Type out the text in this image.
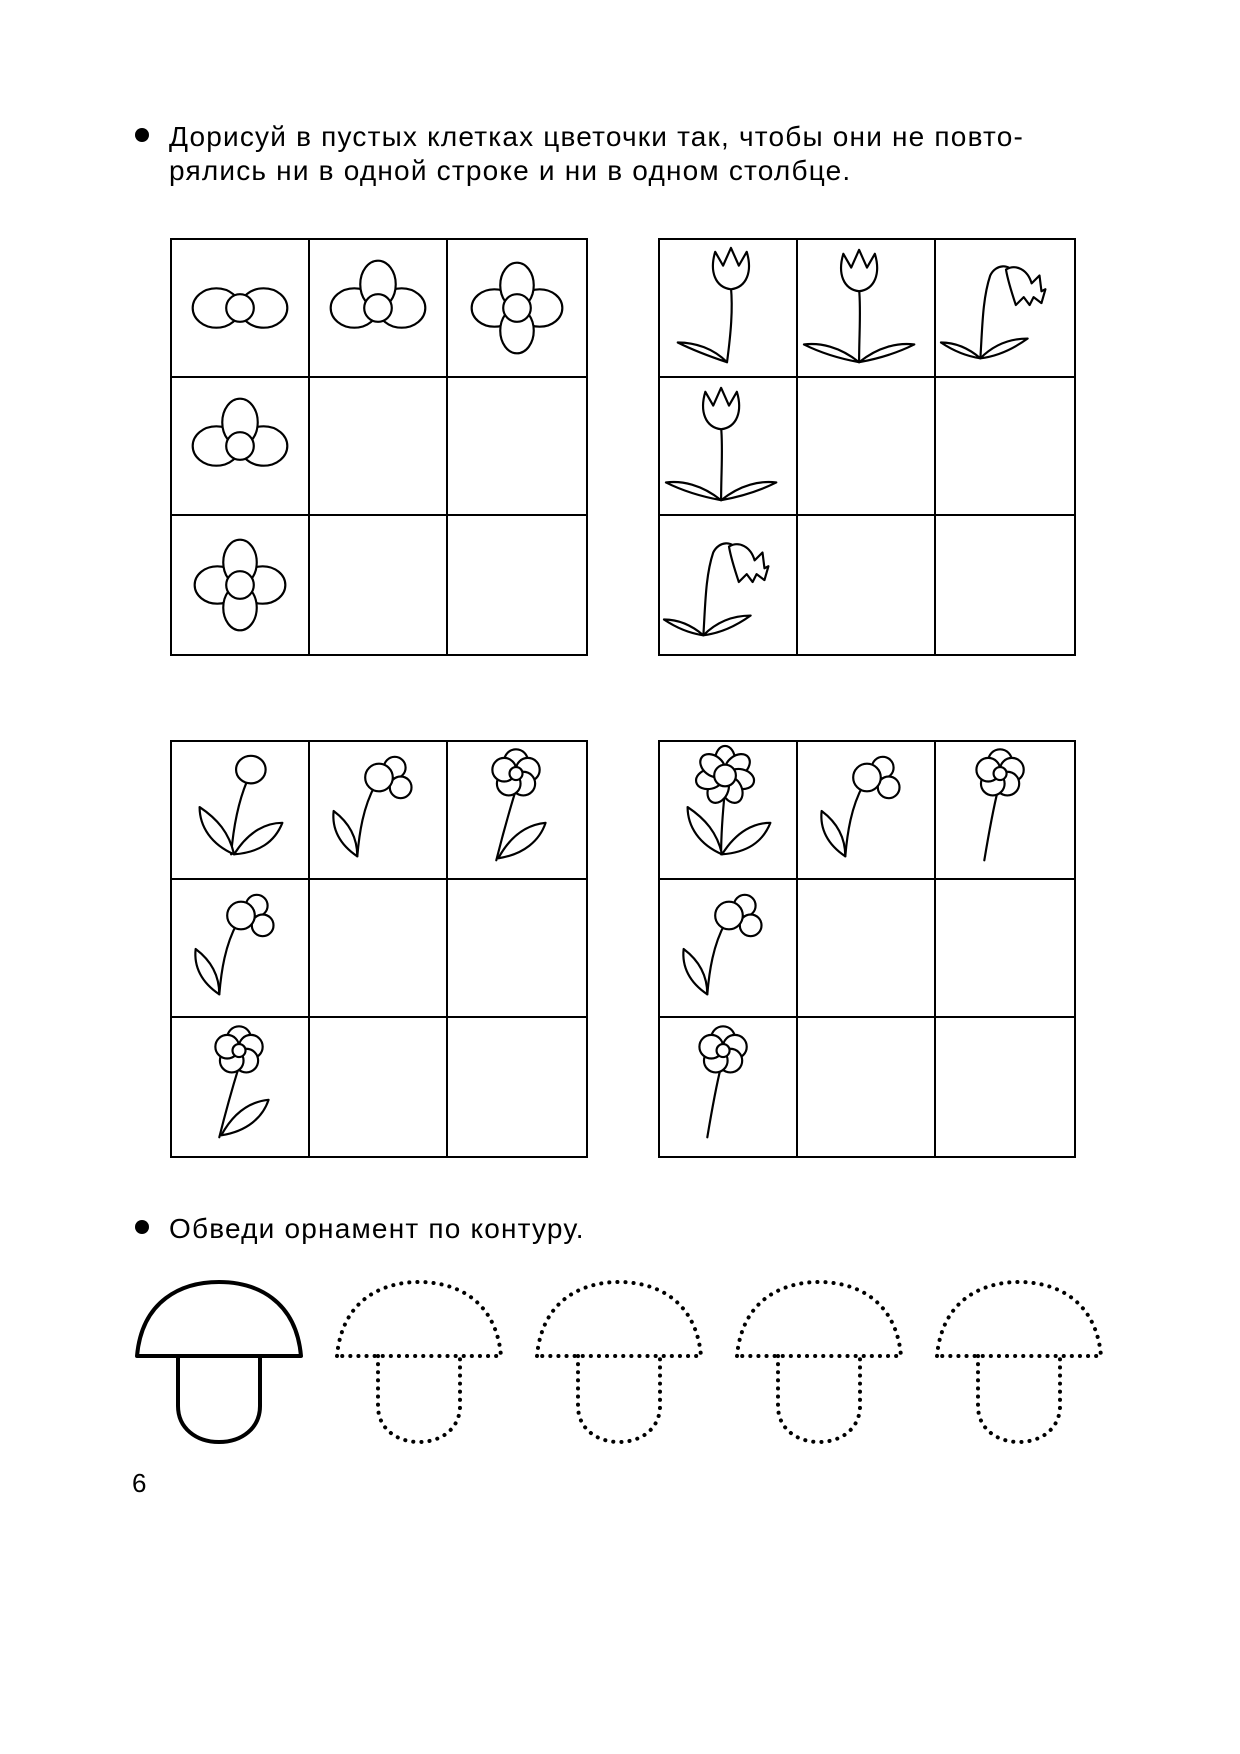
Дорисуй в пустых клетках цветочки так, чтобы они не повто-
рялись ни в одной строке и ни в одном столбце.
Обведи орнамент по контуру.
6
